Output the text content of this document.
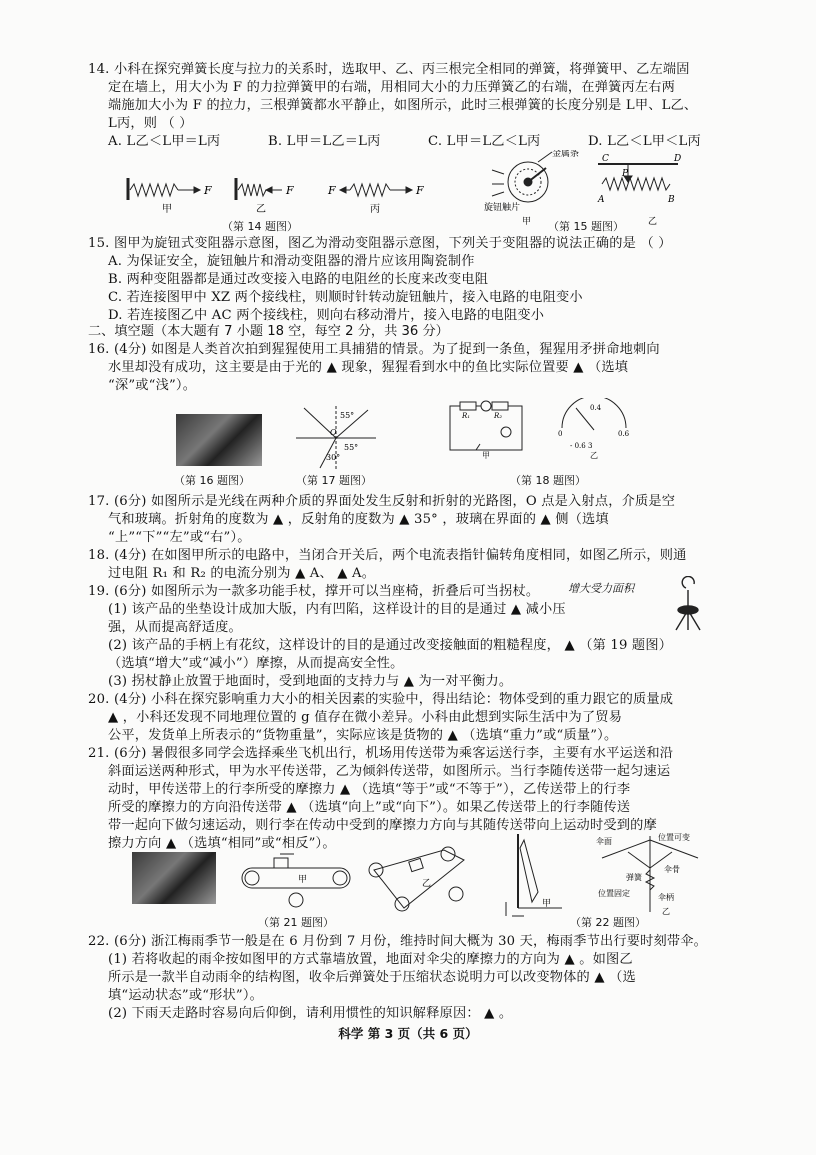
14. 小科在探究弹簧长度与拉力的关系时，选取甲、乙、丙三根完全相同的弹簧，将弹簧甲、乙左端固
定在墙上，用大小为 F 的力拉弹簧甲的右端，用相同大小的力压弹簧乙的右端，在弹簧丙左右两
端施加大小为 F 的拉力，三根弹簧都水平静止，如图所示，此时三根弹簧的长度分别是 L甲、L乙、
L丙，则 （ ）
A. L乙＜L甲＝L丙	B. L甲＝L乙＝L丙	C. L甲＝L乙＜L丙	D. L乙＜L甲＜L丙
F	F	F	F
甲	乙	丙
（第 14 题图）
金属条
旋钮触片
甲	乙
C	D
A	B
P
（第 15 题图）
15. 图甲为旋钮式变阻器示意图，图乙为滑动变阻器示意图，下列关于变阻器的说法正确的是 （ ）
A. 为保证安全，旋钮触片和滑动变阻器的滑片应该用陶瓷制作
B. 两种变阻器都是通过改变接入电路的电阻丝的长度来改变电阻
C. 若连接图甲中 XZ 两个接线柱，则顺时针转动旋钮触片，接入电路的电阻变小
D. 若连接图乙中 AC 两个接线柱，则向右移动滑片，接入电路的电阻变小
二、填空题（本大题有 7 小题 18 空，每空 2 分，共 36 分）
16. (4分) 如图是人类首次拍到猩猩使用工具捕猎的情景。为了捉到一条鱼，猩猩用矛拼命地刺向
水里却没有成功，这主要是由于光的 ▲ 现象，猩猩看到水中的鱼比实际位置要 ▲ （选填
“深”或“浅”）。
55°
30°
55°
O
R₁	R₂
甲
0
0.4
0.6
- 0.6 3
乙
（第 16 题图）	（第 17 题图）	（第 18 题图）
17. (6分) 如图所示是光线在两种介质的界面处发生反射和折射的光路图，O 点是入射点，介质是空
气和玻璃。折射角的度数为 ▲ ，反射角的度数为 ▲ 35° ，玻璃在界面的 ▲ 侧（选填
“上”“下”“左”或“右”）。
18. (4分) 在如图甲所示的电路中，当闭合开关后，两个电流表指针偏转角度相同，如图乙所示，则通
过电阻 R₁ 和 R₂ 的电流分别为 ▲ A、 ▲ A。
19. (6分) 如图所示为一款多功能手杖，撑开可以当座椅，折叠后可当拐杖。
(1) 该产品的坐垫设计成加大版，内有凹陷，这样设计的目的是通过 ▲ 减小压
强，从而提高舒适度。
(2) 该产品的手柄上有花纹，这样设计的目的是通过改变接触面的粗糙程度， ▲ （第 19 题图）
（选填“增大”或“减小”）摩擦，从而提高安全性。
(3) 拐杖静止放置于地面时，受到地面的支持力与 ▲ 为一对平衡力。
增大受力面积
20. (4分) 小科在探究影响重力大小的相关因素的实验中，得出结论：物体受到的重力跟它的质量成
▲ ，小科还发现不同地理位置的 g 值存在微小差异。小科由此想到实际生活中为了贸易
公平，发货单上所表示的“货物重量”，实际应该是货物的 ▲ （选填“重力”或“质量”）。
21. (6分) 暑假很多同学会选择乘坐飞机出行，机场用传送带为乘客运送行李，主要有水平运送和沿
斜面运送两种形式，甲为水平传送带，乙为倾斜传送带，如图所示。当行李随传送带一起匀速运
动时，甲传送带上的行李所受的摩擦力 ▲ （选填“等于”或“不等于”），乙传送带上的行李
所受的摩擦力的方向沿传送带 ▲ （选填“向上”或“向下”）。如果乙传送带上的行李随传送
带一起向下做匀速运动，则行李在传动中受到的摩擦力方向与其随传送带向上运动时受到的摩
擦力方向 ▲ （选填“相同”或“相反”）。
甲	乙
（第 21 题图）
甲
伞面	位置可变
弹簧
伞骨
位置固定	伞柄
乙
（第 22 题图）
22. (6分) 浙江梅雨季节一般是在 6 月份到 7 月份，维持时间大概为 30 天，梅雨季节出行要时刻带伞。
(1) 若将收起的雨伞按如图甲的方式靠墙放置，地面对伞尖的摩擦力的方向为 ▲ 。如图乙
所示是一款半自动雨伞的结构图，收伞后弹簧处于压缩状态说明力可以改变物体的 ▲ （选
填“运动状态”或“形状”）。
(2) 下雨天走路时容易向后仰倒，请利用惯性的知识解释原因： ▲ 。
科学 第 3 页（共 6 页）
